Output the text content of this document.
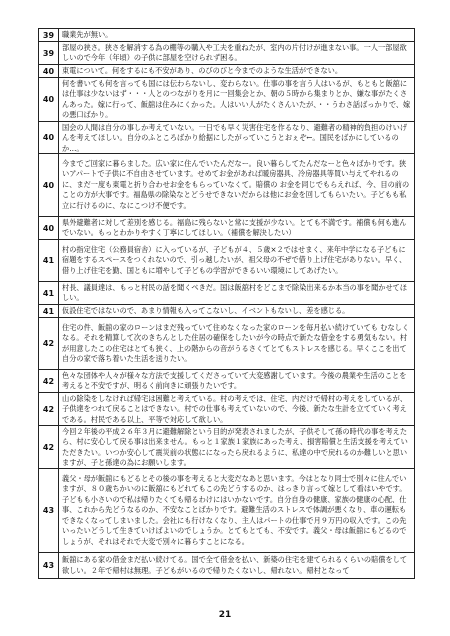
39	職業先が無い。

39	部屋の狭さ。狭さを解消する為の棚等の購入や工夫を重ねたが、室内の片付けが進まない事。一人一部屋欲しいので今年（年頃）の子供に部屋を空けられず困る。

40	東電について。何をするにも不安があり、のびのびと今までのような生活ができない。

40	何を書いても何を言っても国には伝わらないし、変わらない。仕事の事を言う人はいるが、もともと飯舘には仕事は少ないはず・・・人とのつながりを月に一回集会とか、朝の５時から集まりとか、嫌な事がたくさんあった。嫁に行って、飯舘は住みにくかった。人はいい人がたくさんいたが、・・うわさ話ばっかりで、嫁の悪口ばかり。

40	国会の人間は自分の事しか考えていない。一日でも早く災害住宅を作るなり、避難者の精神的負担のけいげんを考えてほしい。自分のふところばかり給据にしたがっていこうとおぇぞ←。国民をばかにしているのか…。

40	今までご回家に暮らました。広い家に住んでいたんだなー。良い暮らしてたんだなーと色々ばかりです。狭いアパートで子供に不自由させています。せめてお金があれば暖房器具、冷房器具等買い与えてやれるのに、まだ一度も東電と折り合わせお金をもらっていなくて。賠償の お金を同じでもらえれば、今、目の前のことの方が大事です。福島県の除染なとどうせできないだからは他にお金を回してもらいたい。子どもも私立に行けるのに、なにこつけ不便です。

40	県外避難者に対して差別を感じる。福島に残らないと常に支援が少ない。とても不満です。補償も何も進んでいない。もっとわかりやすく丁寧にしてほしい。（補償を解決したい）

41	村の指定住宅（公務員宿舎）に入っているが、子どもが４、５歳×２ではせまく、来年中学になる子どもに宿題をするスペースをつくれないので、引っ越したいが、祖父母の不ぜで借り上げ住宅がありない。早く、借り上げ住宅を勤、国ともに増やして子どもの学習ができるいい環境にしてあげたい。

41	村長、議員達は、もっと村民の話を聞くべきだ。国は飯舘村をどこまで除染出来るか本当の事を聞かせてほしい。

41	仮設住宅ではないので、あまり情報も入ってこないし、イベントもないし、差を感じる。

42	住宅の件、飯舘の家のローンはまだ残っていて住めなくなった家のローンを毎月払い続けていても むなしくなる。それを精算して次のきちんとした住居の確保をしたいが今の時点で新たな借金をする勇気もない。村が用意したこの住宅はとても狭く、上の階からの音がうるさくてとてもストレスを感じる。早くここを出て自分の家で落ち着いた生活を送りたい。

42	色々な団体や人々が様々な方法で支援してくださっていて大変感謝しています。今後の農業や生活のことを考えると不安ですが、明るく前向きに頑張りたいです。

42	山の除染をしなければ帰宅は困難と考えている。村の考えでは、住宅、内だけで帰村の考えをしているが、子供達をつれて戻ることはできない。村での仕事も考えていないので、今後、新たな生計を立てていく考えである。村民である以上、平等で対応して欲しい。

42	今回２年後の平成２６年３月に避難解除という目的が発表されましたが、子供そして孫の時代の事を考えたら、村に安心して戻る事は出来ません。もっと１家族１家族にあった考え、損害賠償と生活支援を考えていただきたい。いつか安心して震災前の状態にになったら戻れるように、私達の中で戻れるのか難しいと思いますが、子と孫達の為にお願いします。

43	義父・母が飯舘にもどるとその後の事を考えると大変だなあと思います。今はとなり同士で別々に住んでいますが、８０歳ちかいのに飯舘にもどれてもこの先どうするのか、はっきり言って嫁として看はいやです。子どもも小さいので私は帰りたくても帰るわけにはいかないです。自分自身の健康、家族の健康の心配、仕事、これから先どうなるのか、不安なことばかりです。避難生活のストレスで体調が悪くなり、車の運転もできなくなってしまいました。会社にも行けなくなり、主人はパートの仕事で月９万円の収入です。この先いったいどうして生きていけばよいのでしょうか。とてもとても、不安です。義父・母は飯舘にもどるのでしょうが、それはそれで大変で別々に暮らすことになる。

43	飯舘にある家の借金まだ払い続けてる。国で全て借金を払い、新築の住宅を建てられるくらいの賠償をして欲しい。２年で帰村は無理。子どもがいるので帰りたくないし、帰れない。帰村となって
21
